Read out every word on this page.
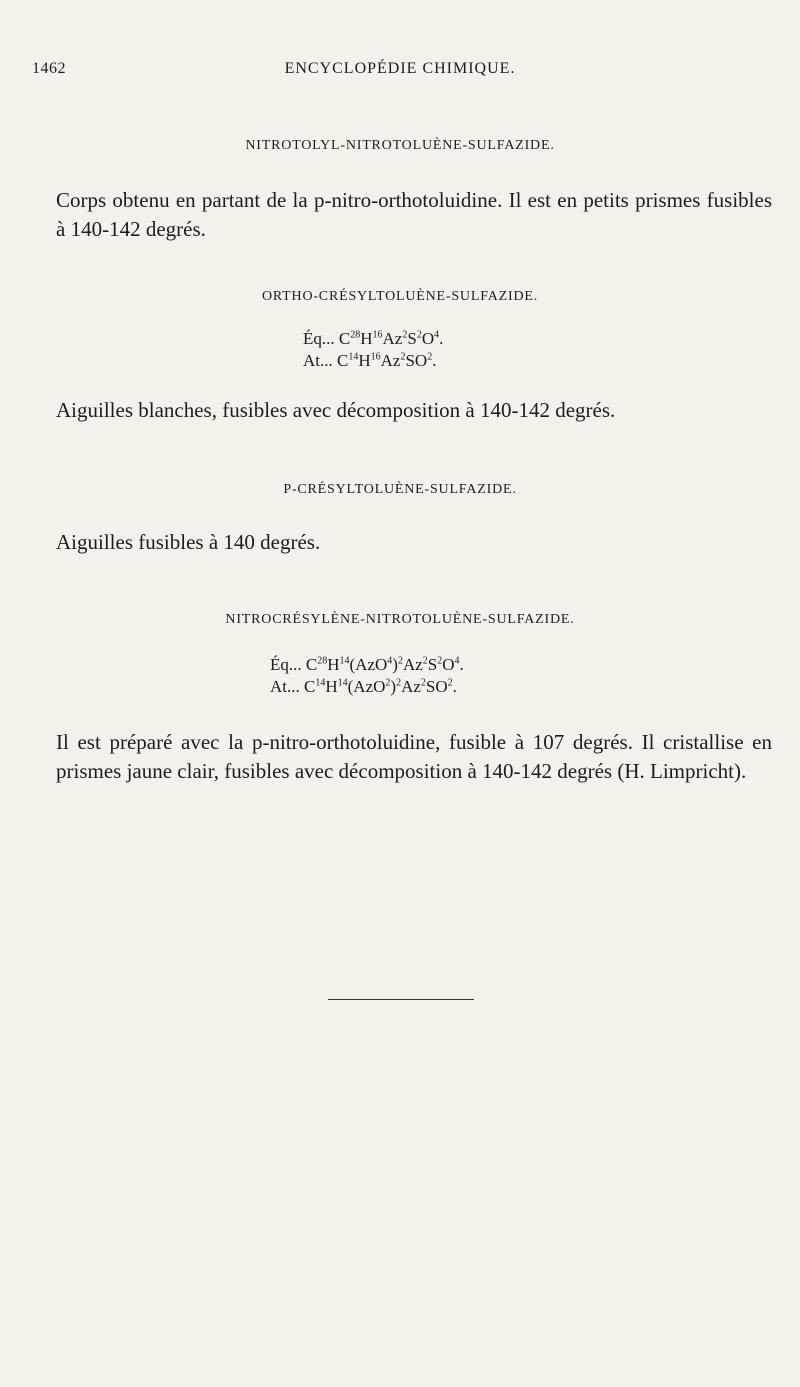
1462	ENCYCLOPÉDIE CHIMIQUE.
NITROTOLYL-NITROTOLUÈNE-SULFAZIDE.
Corps obtenu en partant de la p-nitro-orthotoluidine. Il est en petits prismes fusibles à 140-142 degrés.
ORTHO-CRÉSYLTOLUÈNE-SULFAZIDE.
Éq... $C^{28}H^{16}Az^2S^2O^4$.
At... $C^{14}H^{16}Az^2SO^2$.
Aiguilles blanches, fusibles avec décomposition à 140-142 degrés.
P-CRÉSYLTOLUÈNE-SULFAZIDE.
Aiguilles fusibles à 140 degrés.
NITROCRÉSYLÈNE-NITROTOLUÈNE-SULFAZIDE.
Éq... $C^{28}H^{14}(AzO^4)^2Az^2S^2O^4$.
At... $C^{14}H^{14}(AzO^2)^2Az^2SO^2$.
Il est préparé avec la p-nitro-orthotoluidine, fusible à 107 degrés. Il cristallise en prismes jaune clair, fusibles avec décomposition à 140-142 degrés (H. Limpricht).
